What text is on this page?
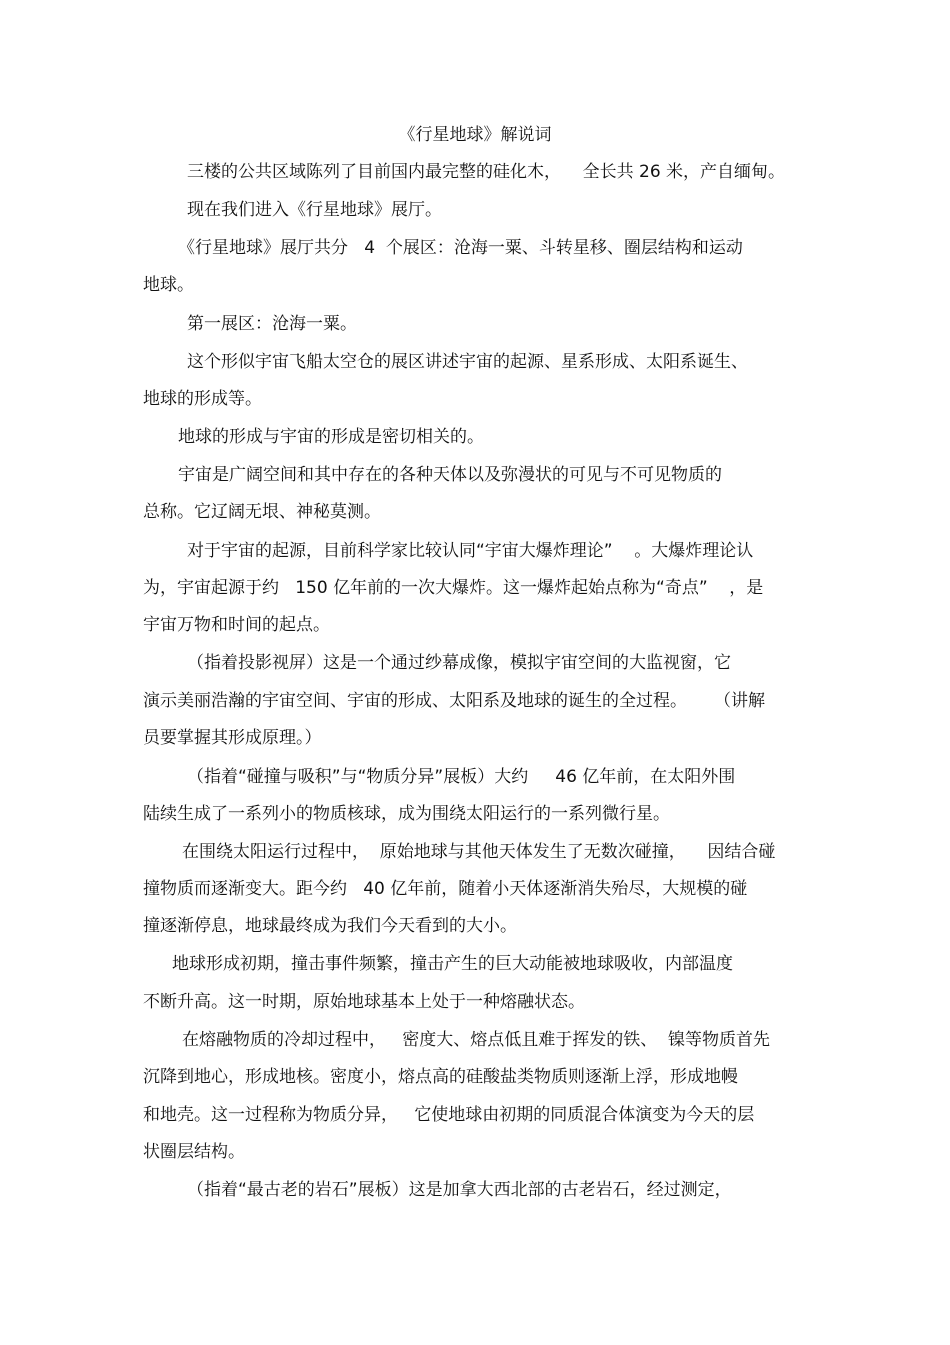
《行星地球》解说词
三楼的公共区域陈列了目前国内最完整的硅化木，    全长共 26 米，产自缅甸。
现在我们进入《行星地球》展厅。
《行星地球》展厅共分   4  个展区：沧海一粟、斗转星移、圈层结构和运动
地球。
第一展区：沧海一粟。
这个形似宇宙飞船太空仓的展区讲述宇宙的起源、星系形成、太阳系诞生、
地球的形成等。
地球的形成与宇宙的形成是密切相关的。
宇宙是广阔空间和其中存在的各种天体以及弥漫状的可见与不可见物质的
总称。它辽阔无垠、神秘莫测。
对于宇宙的起源，目前科学家比较认同“宇宙大爆炸理论”    。大爆炸理论认
为，宇宙起源于约   150 亿年前的一次大爆炸。这一爆炸起始点称为“奇点”    ，是
宇宙万物和时间的起点。
（指着投影视屏）这是一个通过纱幕成像，模拟宇宙空间的大监视窗，它
演示美丽浩瀚的宇宙空间、宇宙的形成、太阳系及地球的诞生的全过程。     （讲解
员要掌握其形成原理。）
（指着“碰撞与吸积”与“物质分异”展板）大约     46 亿年前，在太阳外围
陆续生成了一系列小的物质核球，成为围绕太阳运行的一系列微行星。
在围绕太阳运行过程中，  原始地球与其他天体发生了无数次碰撞，    因结合碰
撞物质而逐渐变大。距今约   40 亿年前，随着小天体逐渐消失殆尽，大规模的碰
撞逐渐停息，地球最终成为我们今天看到的大小。
地球形成初期，撞击事件频繁，撞击产生的巨大动能被地球吸收，内部温度
不断升高。这一时期，原始地球基本上处于一种熔融状态。
在熔融物质的冷却过程中，   密度大、熔点低且难于挥发的铁、  镍等物质首先
沉降到地心，形成地核。密度小，熔点高的硅酸盐类物质则逐渐上浮，形成地幔
和地壳。这一过程称为物质分异，   它使地球由初期的同质混合体演变为今天的层
状圈层结构。
（指着“最古老的岩石”展板）这是加拿大西北部的古老岩石，经过测定，
